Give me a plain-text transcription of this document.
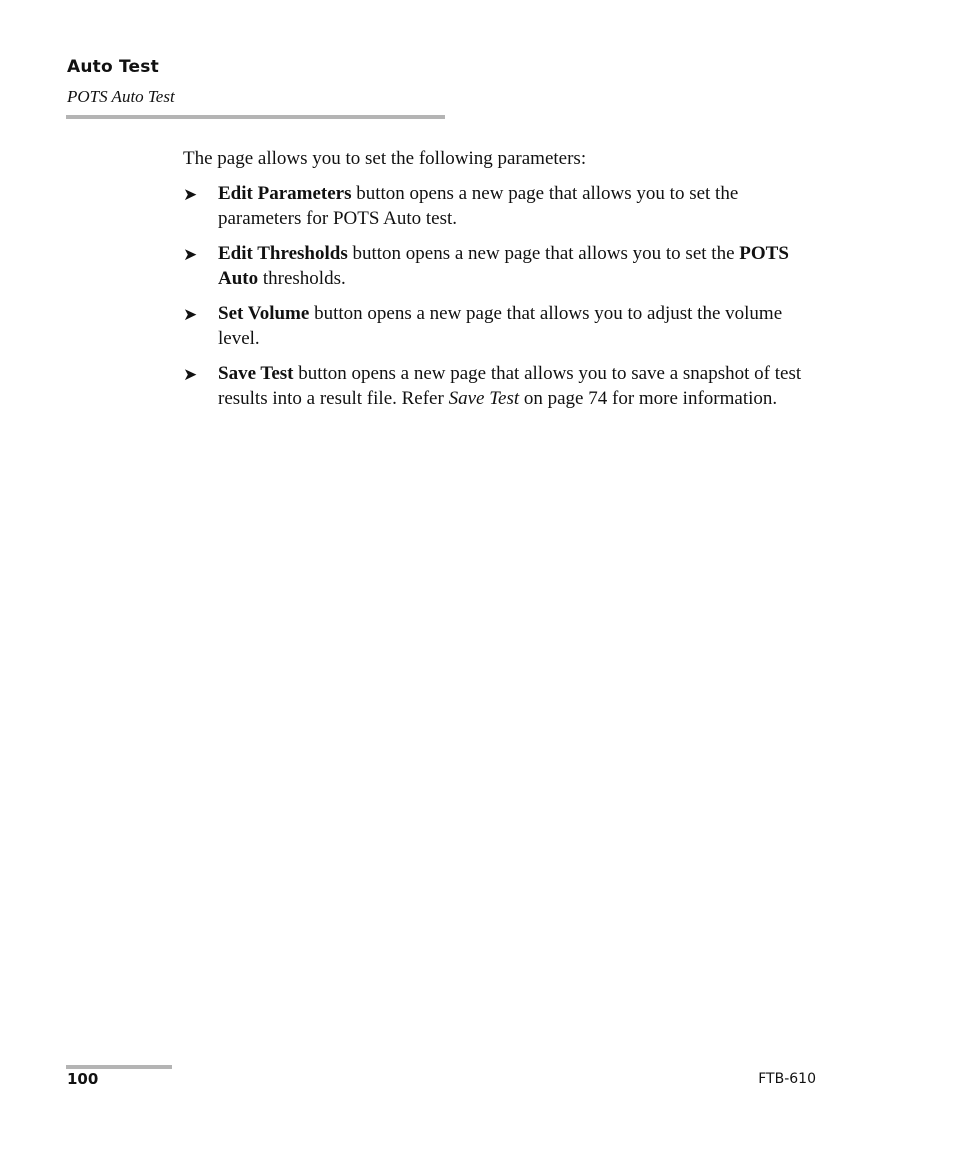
Auto Test
POTS Auto Test

The page allows you to set the following parameters:

➤ Edit Parameters button opens a new page that allows you to set the parameters for POTS Auto test.
➤ Edit Thresholds button opens a new page that allows you to set the POTS Auto thresholds.
➤ Set Volume button opens a new page that allows you to adjust the volume level.
➤ Save Test button opens a new page that allows you to save a snapshot of test results into a result file. Refer Save Test on page 74 for more information.
100	FTB-610
